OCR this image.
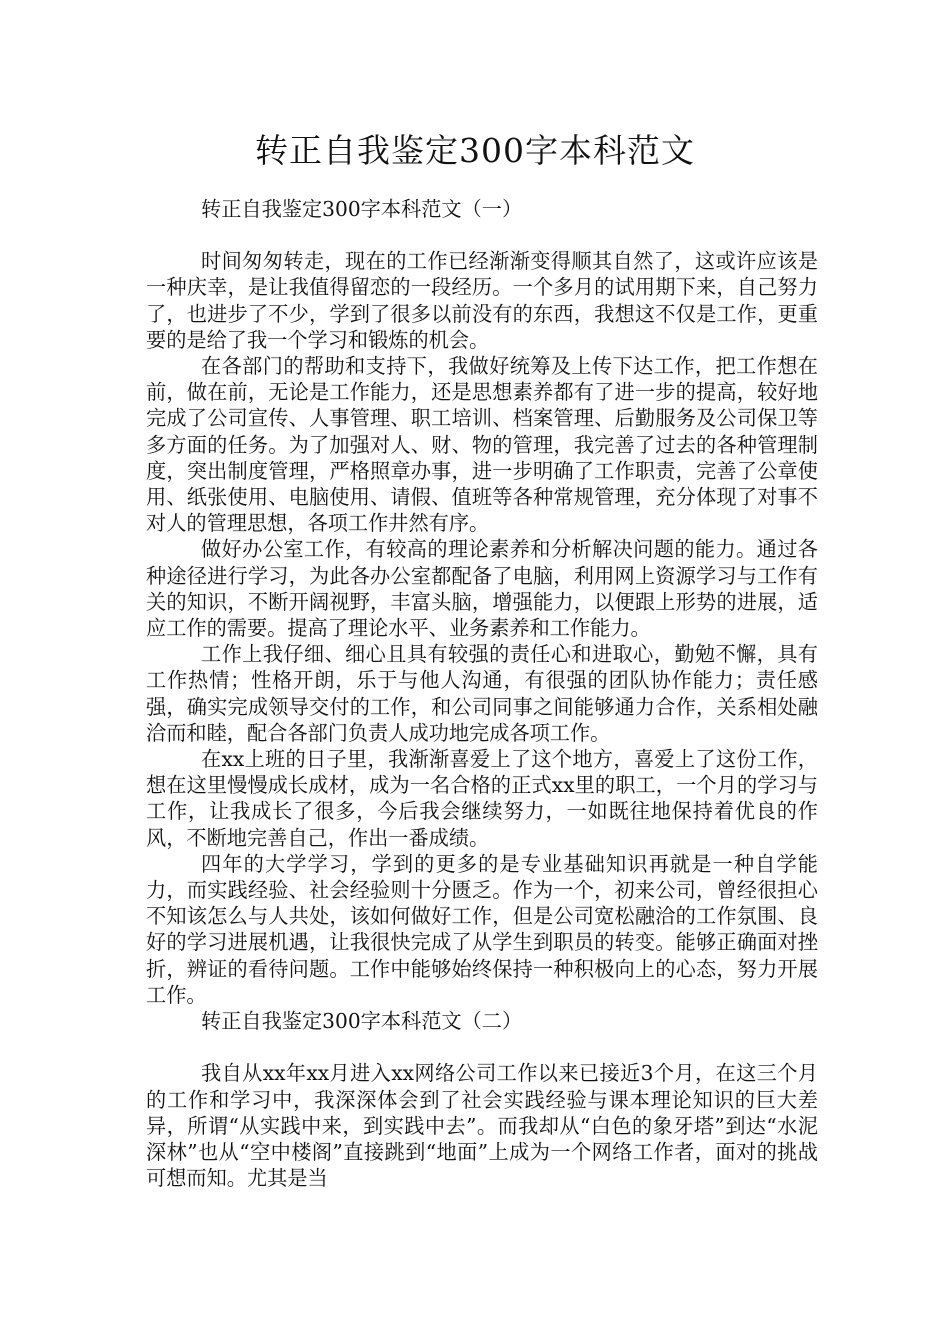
转正自我鉴定300字本科范文

转正自我鉴定300字本科范文（一）

时间匆匆转走，现在的工作已经渐渐变得顺其自然了，这或许应该是一种庆幸，是让我值得留恋的一段经历。一个多月的试用期下来，自己努力了，也进步了不少，学到了很多以前没有的东西，我想这不仅是工作，更重要的是给了我一个学习和锻炼的机会。

在各部门的帮助和支持下，我做好统筹及上传下达工作，把工作想在前，做在前，无论是工作能力，还是思想素养都有了进一步的提高，较好地完成了公司宣传、人事管理、职工培训、档案管理、后勤服务及公司保卫等多方面的任务。为了加强对人、财、物的管理，我完善了过去的各种管理制度，突出制度管理，严格照章办事，进一步明确了工作职责，完善了公章使用、纸张使用、电脑使用、请假、值班等各种常规管理，充分体现了对事不对人的管理思想，各项工作井然有序。

做好办公室工作，有较高的理论素养和分析解决问题的能力。通过各种途径进行学习，为此各办公室都配备了电脑，利用网上资源学习与工作有关的知识，不断开阔视野，丰富头脑，增强能力，以便跟上形势的进展，适应工作的需要。提高了理论水平、业务素养和工作能力。

工作上我仔细、细心且具有较强的责任心和进取心，勤勉不懈，具有工作热情；性格开朗，乐于与他人沟通，有很强的团队协作能力；责任感强，确实完成领导交付的工作，和公司同事之间能够通力合作，关系相处融洽而和睦，配合各部门负责人成功地完成各项工作。

在xx上班的日子里，我渐渐喜爱上了这个地方，喜爱上了这份工作，想在这里慢慢成长成材，成为一名合格的正式xx里的职工，一个月的学习与工作，让我成长了很多，今后我会继续努力，一如既往地保持着优良的作风，不断地完善自己，作出一番成绩。

四年的大学学习，学到的更多的是专业基础知识再就是一种自学能力，而实践经验、社会经验则十分匮乏。作为一个，初来公司，曾经很担心不知该怎么与人共处，该如何做好工作，但是公司宽松融洽的工作氛围、良好的学习进展机遇，让我很快完成了从学生到职员的转变。能够正确面对挫折，辨证的看待问题。工作中能够始终保持一种积极向上的心态，努力开展工作。

转正自我鉴定300字本科范文（二）

我自从xx年xx月进入xx网络公司工作以来已接近3个月，在这三个月的工作和学习中，我深深体会到了社会实践经验与课本理论知识的巨大差异，所谓“从实践中来，到实践中去”。而我却从“白色的象牙塔”到达“水泥深林”也从“空中楼阁”直接跳到“地面”上成为一个网络工作者，面对的挑战可想而知。尤其是当
